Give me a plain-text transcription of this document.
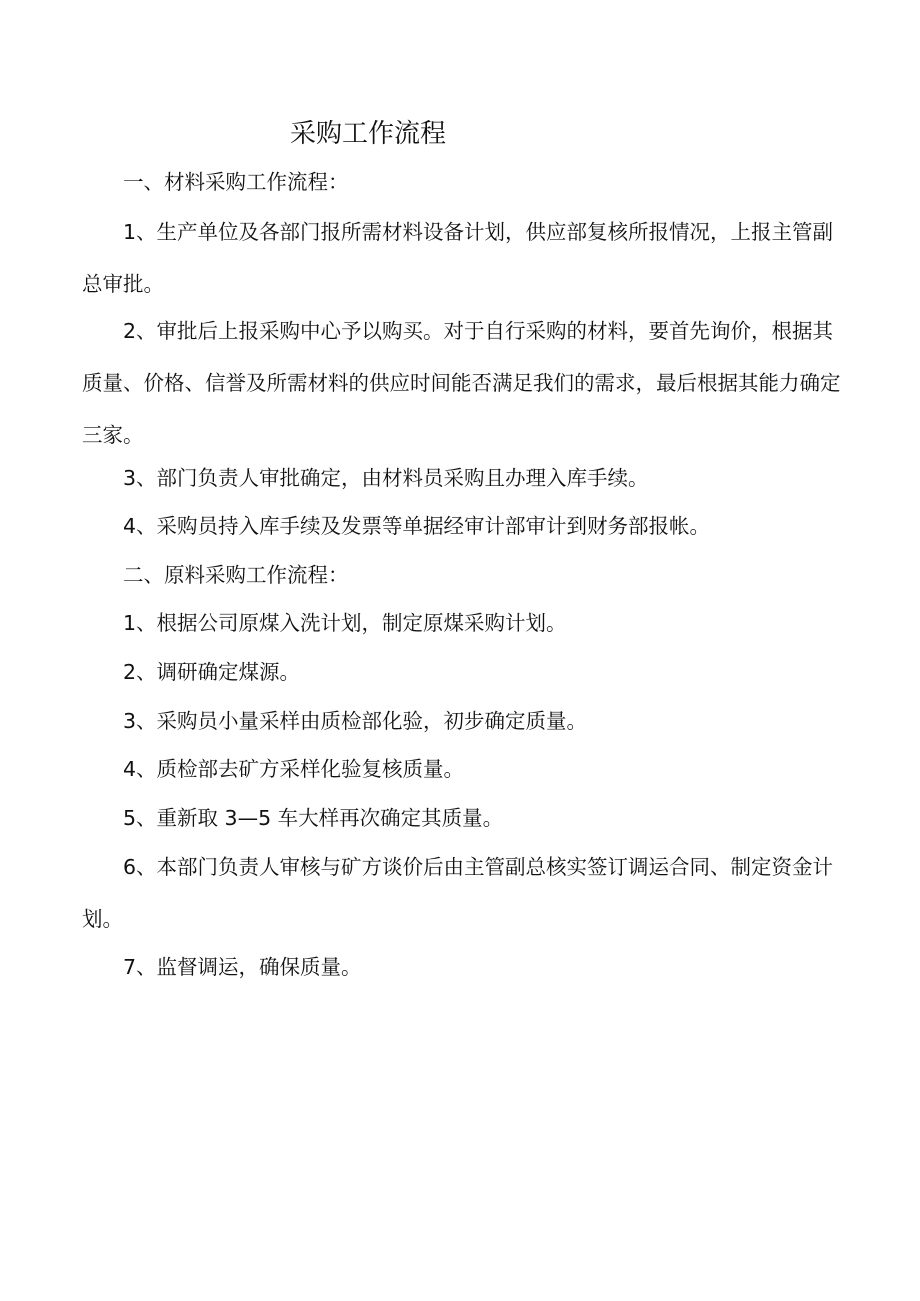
采购工作流程

一、材料采购工作流程：

1、生产单位及各部门报所需材料设备计划，供应部复核所报情况，上报主管副总审批。

2、审批后上报采购中心予以购买。对于自行采购的材料，要首先询价，根据其质量、价格、信誉及所需材料的供应时间能否满足我们的需求，最后根据其能力确定三家。

3、部门负责人审批确定，由材料员采购且办理入库手续。

4、采购员持入库手续及发票等单据经审计部审计到财务部报帐。

二、原料采购工作流程：

1、根据公司原煤入洗计划，制定原煤采购计划。

2、调研确定煤源。

3、采购员小量采样由质检部化验，初步确定质量。

4、质检部去矿方采样化验复核质量。

5、重新取 3—5 车大样再次确定其质量。

6、本部门负责人审核与矿方谈价后由主管副总核实签订调运合同、制定资金计划。

7、监督调运，确保质量。
